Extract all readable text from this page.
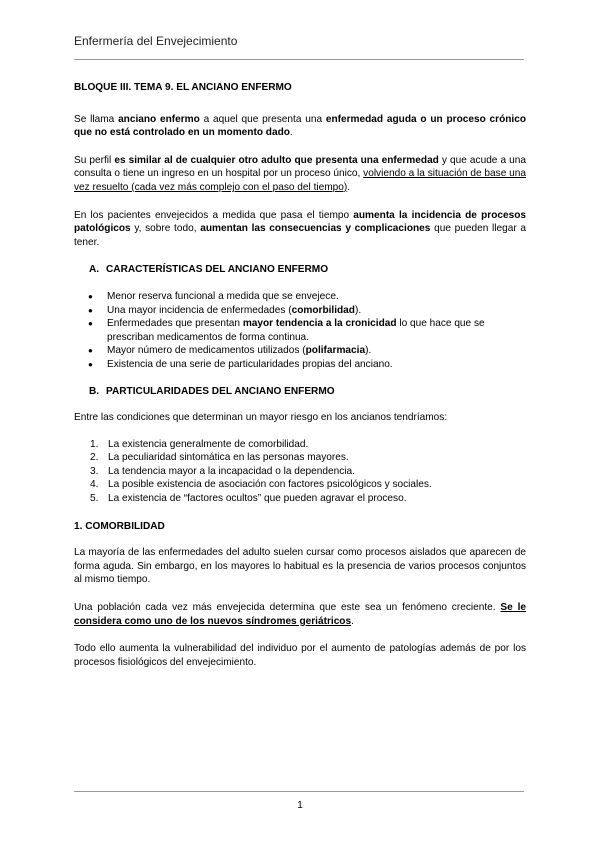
Enfermería del Envejecimiento

BLOQUE III. TEMA 9. EL ANCIANO ENFERMO

Se llama anciano enfermo a aquel que presenta una enfermedad aguda o un proceso crónico que no está controlado en un momento dado.

Su perfil es similar al de cualquier otro adulto que presenta una enfermedad y que acude a una consulta o tiene un ingreso en un hospital por un proceso único, volviendo a la situación de base una vez resuelto (cada vez más complejo con el paso del tiempo).

En los pacientes envejecidos a medida que pasa el tiempo aumenta la incidencia de procesos patológicos y, sobre todo, aumentan las consecuencias y complicaciones que pueden llegar a tener.

A. CARACTERÍSTICAS DEL ANCIANO ENFERMO

● Menor reserva funcional a medida que se envejece.
● Una mayor incidencia de enfermedades (comorbilidad).
● Enfermedades que presentan mayor tendencia a la cronicidad lo que hace que se prescriban medicamentos de forma continua.
● Mayor número de medicamentos utilizados (polifarmacia).
● Existencia de una serie de particularidades propias del anciano.

B. PARTICULARIDADES DEL ANCIANO ENFERMO

Entre las condiciones que determinan un mayor riesgo en los ancianos tendríamos:

1. La existencia generalmente de comorbilidad.
2. La peculiaridad sintomática en las personas mayores.
3. La tendencia mayor a la incapacidad o la dependencia.
4. La posible existencia de asociación con factores psicológicos y sociales.
5. La existencia de “factores ocultos” que pueden agravar el proceso.

1. COMORBILIDAD

La mayoría de las enfermedades del adulto suelen cursar como procesos aislados que aparecen de forma aguda. Sin embargo, en los mayores lo habitual es la presencia de varios procesos conjuntos al mismo tiempo.

Una población cada vez más envejecida determina que este sea un fenómeno creciente. Se le considera como uno de los nuevos síndromes geriátricos.

Todo ello aumenta la vulnerabilidad del individuo por el aumento de patologías además de por los procesos fisiológicos del envejecimiento.

1
